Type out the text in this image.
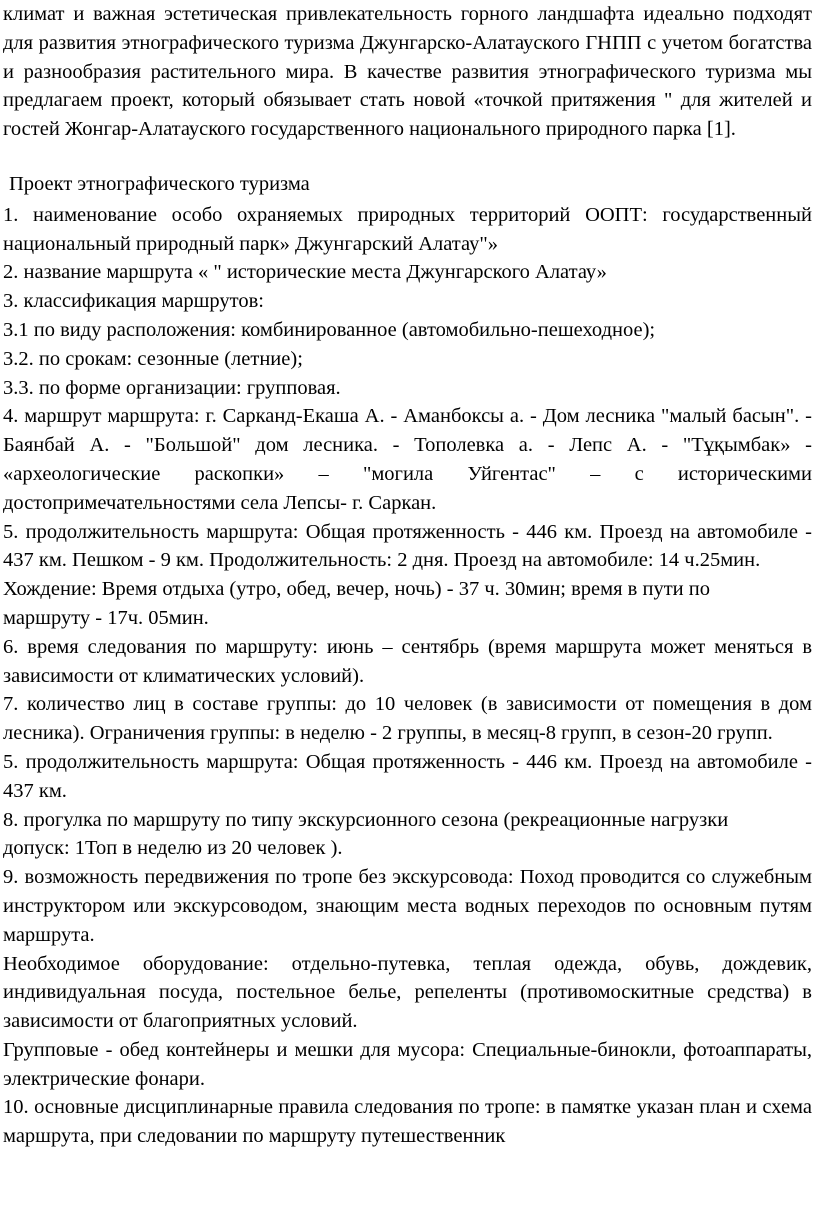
климат и важная эстетическая привлекательность горного ландшафта идеально подходят для развития этнографического туризма Джунгарско-Алатауского ГНПП с учетом богатства и разнообразия растительного мира. В качестве развития этнографического туризма мы предлагаем проект, который обязывает стать новой «точкой притяжения " для жителей и гостей Жонгар-Алатауского государственного национального природного парка [1].

Проект этнографического туризма

1. наименование особо охраняемых природных территорий ООПТ: государственный национальный природный парк» Джунгарский Алатау"»

2. название маршрута « " исторические места Джунгарского Алатау»

3. классификация маршрутов:

3.1 по виду расположения: комбинированное (автомобильно-пешеходное);

3.2. по срокам: сезонные (летние);

3.3. по форме организации: групповая.

4. маршрут маршрута: г. Сарканд-Екаша А. - Аманбоксы а. - Дом лесника "малый басын". - Баянбай А. - "Большой" дом лесника. - Тополевка а. - Лепс А. - "Тұқымбак» - «археологические раскопки» – "могила Уйгентас" – с историческими достопримечательностями села Лепсы- г. Саркан.

5. продолжительность маршрута: Общая протяженность - 446 км. Проезд на автомобиле - 437 км. Пешком - 9 км. Продолжительность: 2 дня. Проезд на автомобиле: 14 ч.25мин.

Хождение: Время отдыха (утро, обед, вечер, ночь) - 37 ч. 30мин; время в пути по маршруту - 17ч. 05мин.

6. время следования по маршруту: июнь – сентябрь (время маршрута может меняться в зависимости от климатических условий).

7. количество лиц в составе группы: до 10 человек (в зависимости от помещения в дом лесника). Ограничения группы: в неделю - 2 группы, в месяц-8 групп, в сезон-20 групп.

5. продолжительность маршрута: Общая протяженность - 446 км. Проезд на автомобиле - 437 км.

8. прогулка по маршруту по типу экскурсионного сезона (рекреационные нагрузки допуск: 1Топ в неделю из 20 человек ).

9. возможность передвижения по тропе без экскурсовода: Поход проводится со служебным инструктором или экскурсоводом, знающим места водных переходов по основным путям маршрута.

Необходимое оборудование: отдельно-путевка, теплая одежда, обувь, дождевик, индивидуальная посуда, постельное белье, репеленты (противомоскитные средства) в зависимости от благоприятных условий.

Групповые - обед контейнеры и мешки для мусора: Специальные-бинокли, фотоаппараты, электрические фонари.

10. основные дисциплинарные правила следования по тропе: в памятке указан план и схема маршрута, при следовании по маршруту путешественник
